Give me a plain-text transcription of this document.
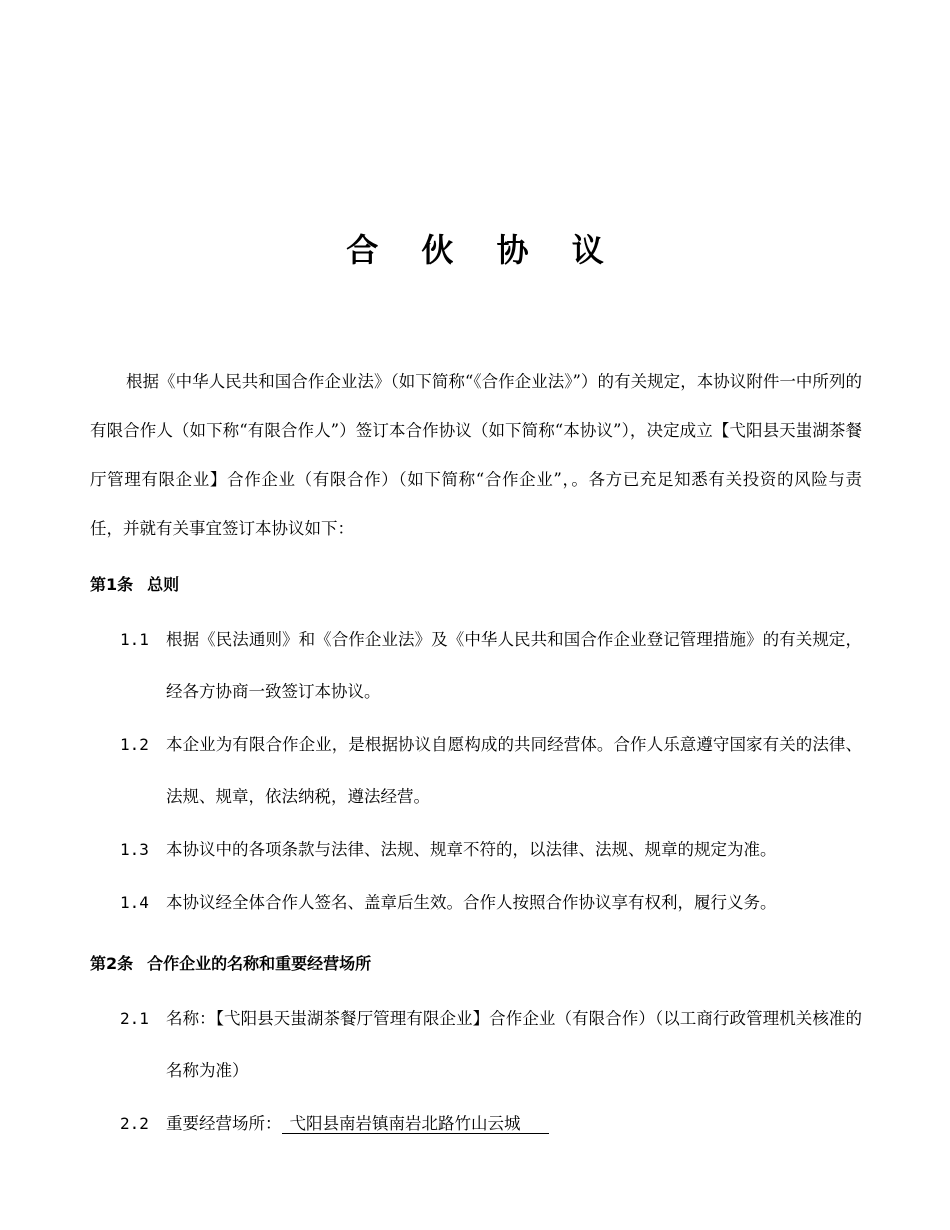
合 伙 协 议

根据《中华人民共和国合作企业法》（如下简称“《合作企业法》”）的有关规定，本协议附件一中所列的有限合作人（如下称“有限合作人”）签订本合作协议（如下简称“本协议”），决定成立【弋阳县天蚩湖茶餐厅管理有限企业】合作企业（有限合作）（如下简称“合作企业”，。各方已充足知悉有关投资的风险与责任，并就有关事宜签订本协议如下：

第1条 总则
1.1	根据《民法通则》和《合作企业法》及《中华人民共和国合作企业登记管理措施》的有关规定，经各方协商一致签订本协议。
1.2	本企业为有限合作企业，是根据协议自愿构成的共同经营体。合作人乐意遵守国家有关的法律、法规、规章，依法纳税，遵法经营。
1.3	本协议中的各项条款与法律、法规、规章不符的，以法律、法规、规章的规定为准。
1.4	本协议经全体合作人签名、盖章后生效。合作人按照合作协议享有权利，履行义务。
第2条 合作企业的名称和重要经营场所
2.1	名称：【弋阳县天蚩湖茶餐厅管理有限企业】合作企业（有限合作）（以工商行政管理机关核准的名称为准）
2.2	重要经营场所： 弋阳县南岩镇南岩北路竹山云城
